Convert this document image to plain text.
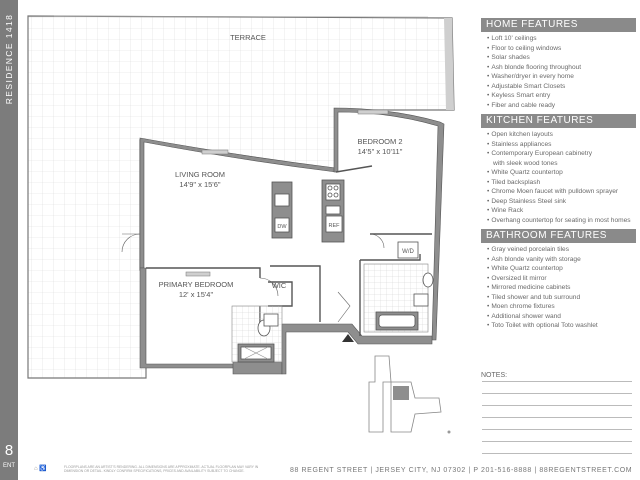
RESIDENCE 1418
8
ENT
W/D
REF
DW
TERRACE
BEDROOM 2
14'5" x 10'11"
LIVING ROOM
14'9" x 15'6"
PRIMARY BEDROOM
12' x 15'4"
WIC
HOME FEATURES
• Loft 10' ceilings
• Floor to ceiling windows
• Solar shades
• Ash blonde flooring throughout
• Washer/dryer in every home
• Adjustable Smart Closets
• Keyless Smart entry
• Fiber and cable ready
KITCHEN FEATURES
• Open kitchen layouts
• Stainless appliances
• Contemporary European cabinetry
with sleek wood tones
• White Quartz countertop
• Tiled backsplash
• Chrome Moen faucet with pulldown sprayer
• Deep Stainless Steel sink
• Wine Rack
• Overhang countertop for seating in most homes
BATHROOM FEATURES
• Gray veined porcelain tiles
• Ash blonde vanity with storage
• White Quartz countertop
• Oversized lit mirror
• Mirrored medicine cabinets
• Tiled shower and tub surround
• Moen chrome fixtures
• Additional shower wand
• Toto Toilet with optional Toto washlet
NOTES:
⌂ ♿	FLOORPLANS ARE AN ARTIST'S RENDERING. ALL DIMENSIONS ARE APPROXIMATE. ACTUAL FLOORPLAN MAY VARY IN DIMENSION OR DETAIL. KINDLY CONFIRM SPECIFICATIONS, PRICES AND AVAILABILITY SUBJECT TO CHANGE.	88 REGENT STREET | JERSEY CITY, NJ 07302 | P 201-516-8888 | 88REGENTSTREET.COM
